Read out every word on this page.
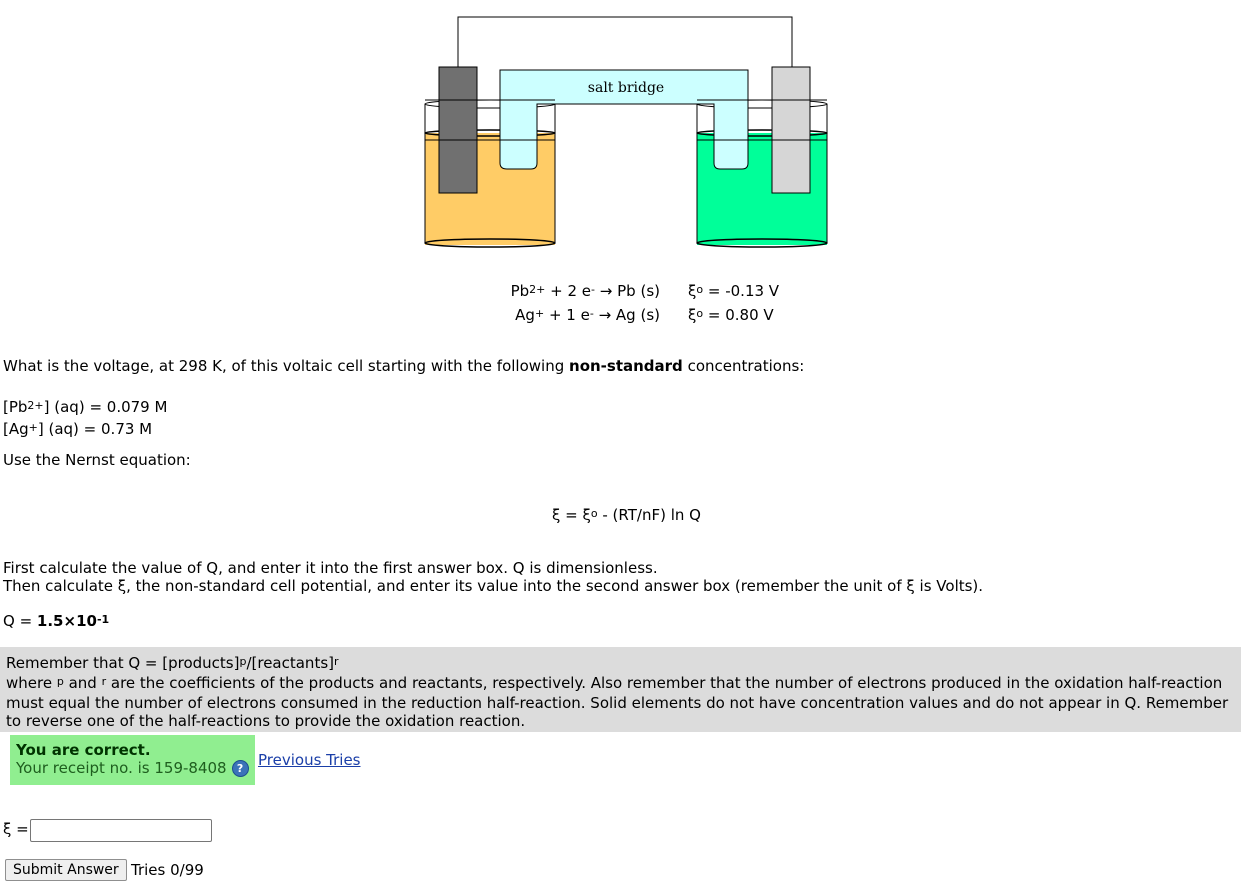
salt bridge
$Pb^{2+} + 2$ e- → Pb (s) $\xi^o = -0.13$ V
Ag+ + 1 e- → Ag (s) $\xi^o = 0.80$ V
What is the voltage, at 298 K, of this voltaic cell starting with the following non-standard concentrations:
$[Pb^{2+}] (aq) = 0.079$ M
[Ag+] (aq) = 0.73 M
Use the Nernst equation:
$\xi = \xi^o - (RT/nF)$ ln Q
First calculate the value of Q, and enter it into the first answer box. Q is dimensionless.
Then calculate ξ, the non-standard cell potential, and enter its value into the second answer box (remember the unit of ξ is Volts).
$Q = 1.5\times 10^{-1}$
Remember that Q = [products]$^p$/[reactants]$^r$
where $^p$ and $^r$ are the coefficients of the products and reactants, respectively. Also remember that the number of electrons produced in the oxidation half-reaction must equal the number of electrons consumed in the reduction half-reaction. Solid elements do not have concentration values and do not appear in Q. Remember to reverse one of the half-reactions to provide the oxidation reaction.
You are correct.
Your receipt no. is 159-8408 ? Previous Tries
ξ =
Submit Answer Tries 0/99
